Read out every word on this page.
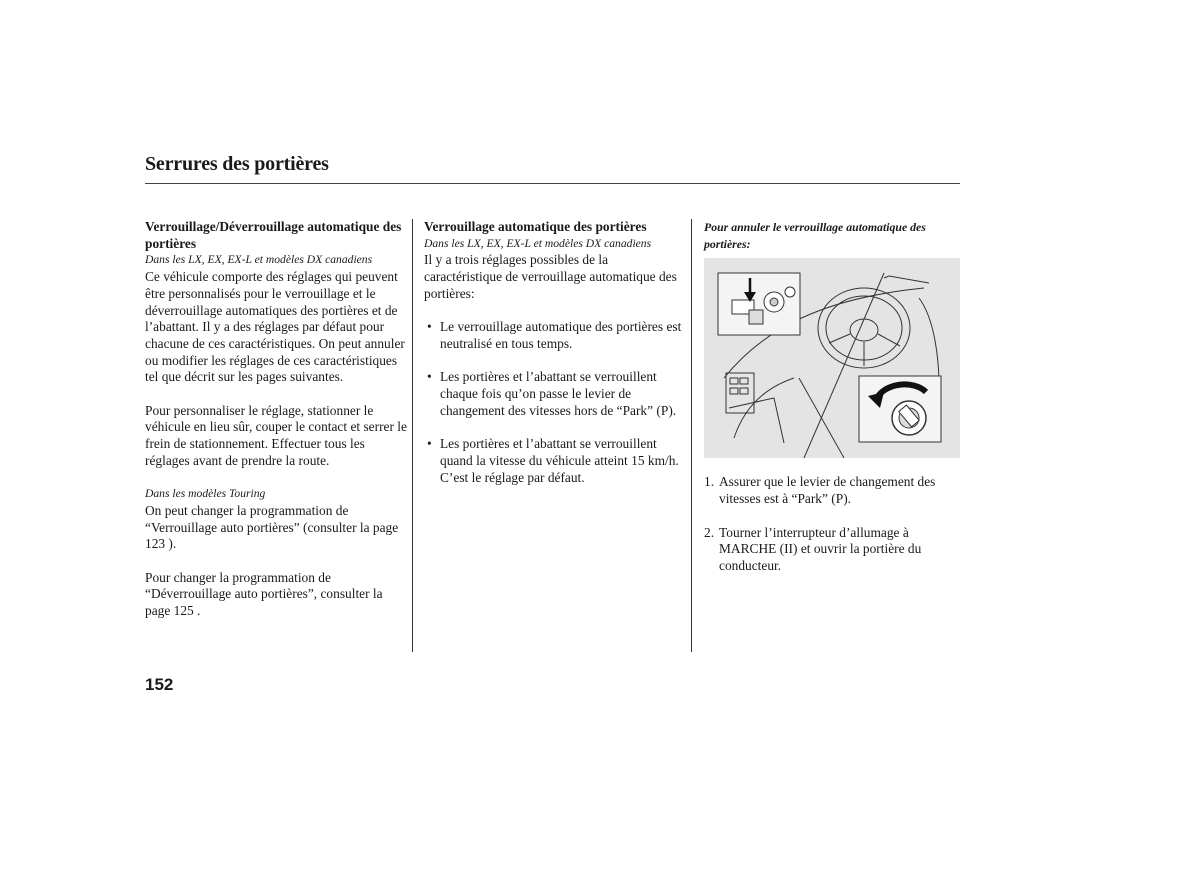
Serrures des portières

Verrouillage/Déverrouillage automatique des portières

Dans les LX, EX, EX-L et modèles DX canadiens

Ce véhicule comporte des réglages qui peuvent être personnalisés pour le verrouillage et le déverrouillage automatiques des portières et de l’abattant. Il y a des réglages par défaut pour chacune de ces caractéristiques. On peut annuler ou modifier les réglages de ces caractéristiques tel que décrit sur les pages suivantes.

Pour personnaliser le réglage, stationner le véhicule en lieu sûr, couper le contact et serrer le frein de stationnement. Effectuer tous les réglages avant de prendre la route.

Dans les modèles Touring

On peut changer la programmation de “Verrouillage auto portières” (consulter la page 123 ).

Pour changer la programmation de “Déverrouillage auto portières”, consulter la page 125 .

Verrouillage automatique des portières

Dans les LX, EX, EX-L et modèles DX canadiens

Il y a trois réglages possibles de la caractéristique de verrouillage automatique des portières:

• Le verrouillage automatique des portières est neutralisé en tous temps.

• Les portières et l’abattant se verrouillent chaque fois qu’on passe le levier de changement des vitesses hors de “Park” (P).

• Les portières et l’abattant se verrouillent quand la vitesse du véhicule atteint 15 km/h.

C’est le réglage par défaut.

Pour annuler le verrouillage automatique des portières:

1. Assurer que le levier de changement des vitesses est à “Park” (P).

2. Tourner l’interrupteur d’allumage à MARCHE (II) et ouvrir la portière du conducteur.

152
